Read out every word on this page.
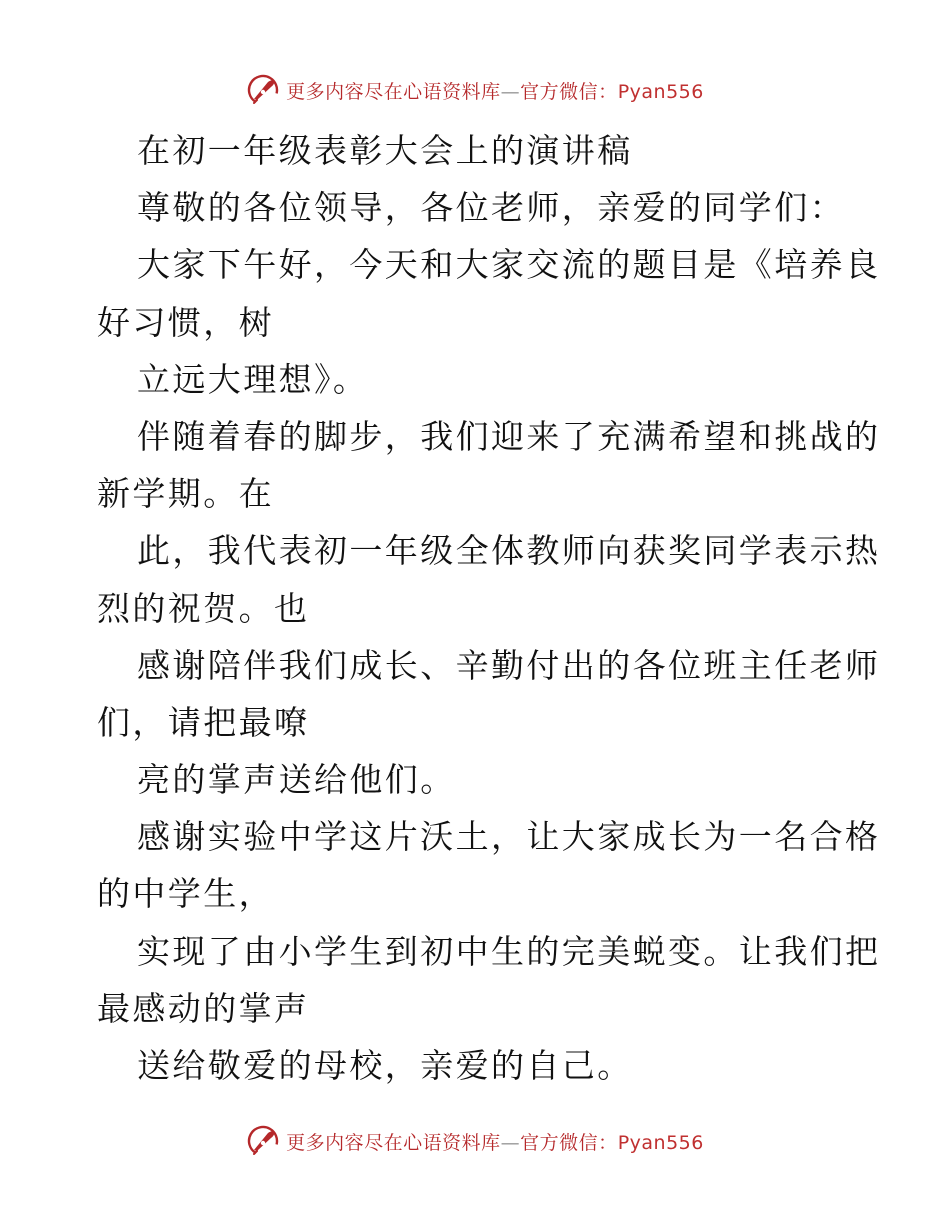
更多内容尽在心语资料库—官方微信：Pyan556
在初一年级表彰大会上的演讲稿
尊敬的各位领导，各位老师，亲爱的同学们：
大家下午好，今天和大家交流的题目是《培养良
好习惯，树
立远大理想》。
伴随着春的脚步，我们迎来了充满希望和挑战的
新学期。在
此，我代表初一年级全体教师向获奖同学表示热
烈的祝贺。也
感谢陪伴我们成长、辛勤付出的各位班主任老师
们，请把最嘹
亮的掌声送给他们。
感谢实验中学这片沃土，让大家成长为一名合格
的中学生，
实现了由小学生到初中生的完美蜕变。让我们把
最感动的掌声
送给敬爱的母校，亲爱的自己。
更多内容尽在心语资料库—官方微信：Pyan556
